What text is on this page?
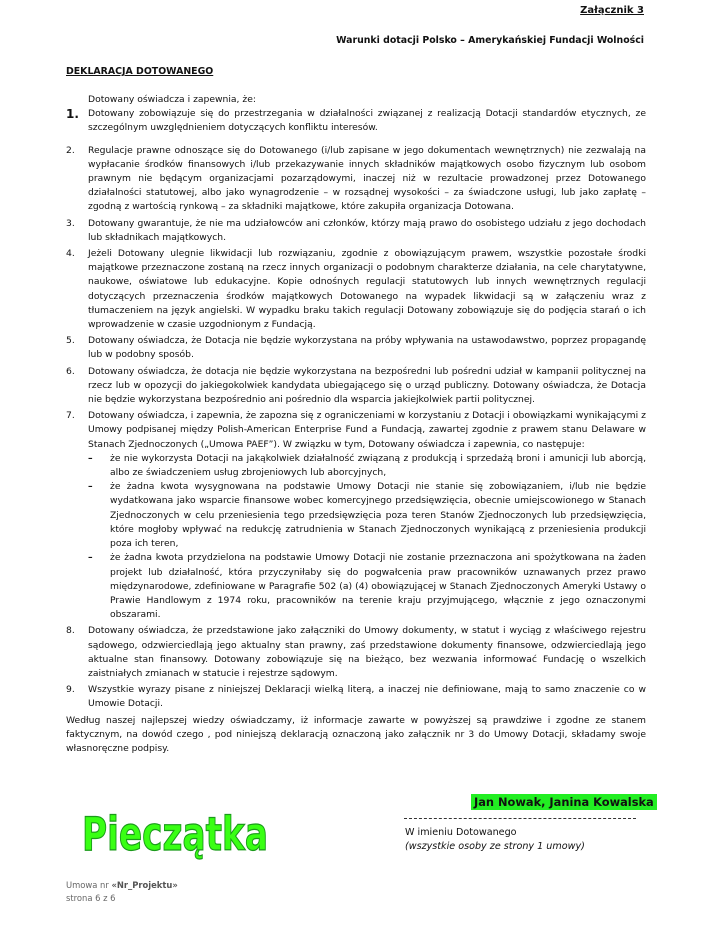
Załącznik 3
Warunki dotacji Polsko – Amerykańskiej Fundacji Wolności
DEKLARACJA DOTOWANEGO

Dotowany oświadcza i zapewnia, że:

1. Dotowany zobowiązuje się do przestrzegania w działalności związanej z realizacją Dotacji standardów etycznych, ze szczególnym uwzględnieniem dotyczących konfliktu interesów.
2. Regulacje prawne odnoszące się do Dotowanego (i/lub zapisane w jego dokumentach wewnętrznych) nie zezwalają na wypłacanie środków finansowych i/lub przekazywanie innych składników majątkowych osobo fizycznym lub osobom prawnym nie będącym organizacjami pozarządowymi, inaczej niż w rezultacie prowadzonej przez Dotowanego działalności statutowej, albo jako wynagrodzenie – w rozsądnej wysokości – za świadczone usługi, lub jako zapłatę – zgodną z wartością rynkową – za składniki majątkowe, które zakupiła organizacja Dotowana.
3. Dotowany gwarantuje, że nie ma udziałowców ani członków, którzy mają prawo do osobistego udziału z jego dochodach lub składnikach majątkowych.
4. Jeżeli Dotowany ulegnie likwidacji lub rozwiązaniu, zgodnie z obowiązującym prawem, wszystkie pozostałe środki majątkowe przeznaczone zostaną na rzecz innych organizacji o podobnym charakterze działania, na cele charytatywne, naukowe, oświatowe lub edukacyjne. Kopie odnośnych regulacji statutowych lub innych wewnętrznych regulacji dotyczących przeznaczenia środków majątkowych Dotowanego na wypadek likwidacji są w załączeniu wraz z tłumaczeniem na język angielski. W wypadku braku takich regulacji Dotowany zobowiązuje się do podjęcia starań o ich wprowadzenie w czasie uzgodnionym z Fundacją.
5. Dotowany oświadcza, że Dotacja nie będzie wykorzystana na próby wpływania na ustawodawstwo, poprzez propagandę lub w podobny sposób.
6. Dotowany oświadcza, że dotacja nie będzie wykorzystana na bezpośredni lub pośredni udział w kampanii politycznej na rzecz lub w opozycji do jakiegokolwiek kandydata ubiegającego się o urząd publiczny. Dotowany oświadcza, że Dotacja nie będzie wykorzystana bezpośrednio ani pośrednio dla wsparcia jakiejkolwiek partii politycznej.
7. Dotowany oświadcza, i zapewnia, że zapozna się z ograniczeniami w korzystaniu z Dotacji i obowiązkami wynikającymi z Umowy podpisanej między Polish-American Enterprise Fund a Fundacją, zawartej zgodnie z prawem stanu Delaware w Stanach Zjednoczonych („Umowa PAEF”). W związku w tym, Dotowany oświadcza i zapewnia, co następuje:
– że nie wykorzysta Dotacji na jakąkolwiek działalność związaną z produkcją i sprzedażą broni i amunicji lub aborcją, albo ze świadczeniem usług zbrojeniowych lub aborcyjnych,
– że żadna kwota wysygnowana na podstawie Umowy Dotacji nie stanie się zobowiązaniem, i/lub nie będzie wydatkowana jako wsparcie finansowe wobec komercyjnego przedsięwzięcia, obecnie umiejscowionego w Stanach Zjednoczonych w celu przeniesienia tego przedsięwzięcia poza teren Stanów Zjednoczonych lub przedsięwzięcia, które mogłoby wpływać na redukcję zatrudnienia w Stanach Zjednoczonych wynikającą z przeniesienia produkcji poza ich teren,
– że żadna kwota przydzielona na podstawie Umowy Dotacji nie zostanie przeznaczona ani spożytkowana na żaden projekt lub działalność, która przyczyniłaby się do pogwałcenia praw pracowników uznawanych przez prawo międzynarodowe, zdefiniowane w Paragrafie 502 (a) (4) obowiązującej w Stanach Zjednoczonych Ameryki Ustawy o Prawie Handlowym z 1974 roku, pracowników na terenie kraju przyjmującego, włącznie z jego oznaczonymi obszarami.
8. Dotowany oświadcza, że przedstawione jako załączniki do Umowy dokumenty, w statut i wyciąg z właściwego rejestru sądowego, odzwierciedlają jego aktualny stan prawny, zaś przedstawione dokumenty finansowe, odzwierciedlają jego aktualne stan finansowy. Dotowany zobowiązuje się na bieżąco, bez wezwania informować Fundację o wszelkich zaistniałych zmianach w statucie i rejestrze sądowym.
9. Wszystkie wyrazy pisane z niniejszej Deklaracji wielką literą, a inaczej nie definiowane, mają to samo znaczenie co w Umowie Dotacji.

Według naszej najlepszej wiedzy oświadczamy, iż informacje zawarte w powyższej są prawdziwe i zgodne ze stanem faktycznym, na dowód czego , pod niniejszą deklaracją oznaczoną jako załącznik nr 3 do Umowy Dotacji, składamy swoje własnoręczne podpisy.

Pieczątka
Jan Nowak, Janina Kowalska
W imieniu Dotowanego
(wszystkie osoby ze strony 1 umowy)
Umowa nr «Nr_Projektu»
strona 6 z 6
